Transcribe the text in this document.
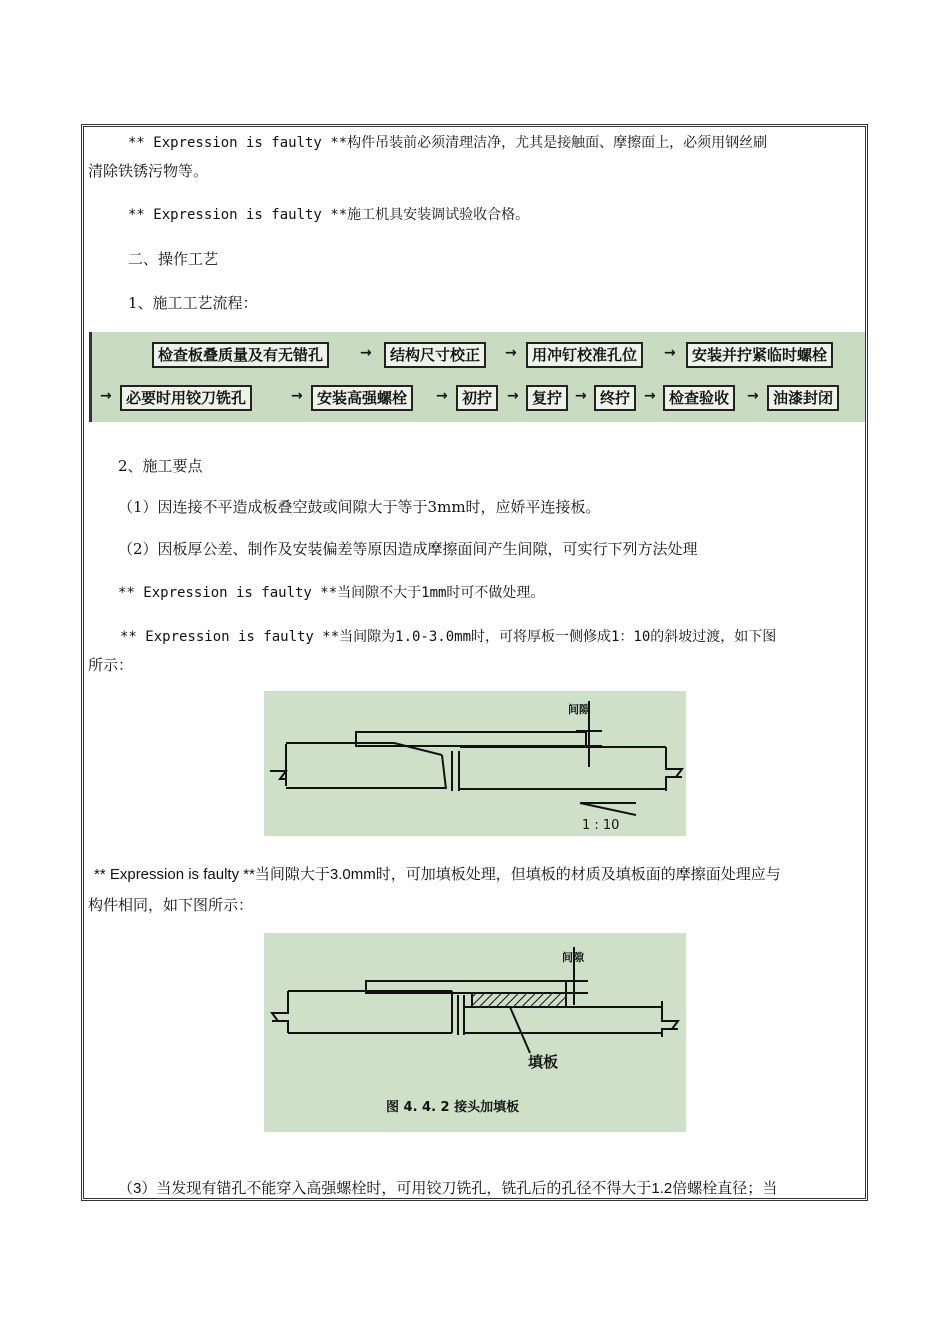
** Expression is faulty **构件吊装前必须清理洁净，尤其是接触面、摩擦面上，必须用钢丝刷
清除铁锈污物等。
** Expression is faulty **施工机具安装调试验收合格。
二、操作工艺
1、施工工艺流程：
检查板叠质量及有无错孔	→	结构尺寸校正	→	用冲钉校准孔位	→	安装并拧紧临时螺栓
→ 必要时用铰刀铣孔	→ 安装高强螺栓	→ 初拧	→ 复拧 → 终拧 → 检查验收	→ 油漆封闭
2、施工要点
（1）因连接不平造成板叠空鼓或间隙大于等于3mm时，应娇平连接板。
（2）因板厚公差、制作及安装偏差等原因造成摩擦面间产生间隙，可实行下列方法处理
** Expression is faulty **当间隙不大于1mm时可不做处理。
** Expression is faulty **当间隙为1.0-3.0mm时，可将厚板一侧修成1：10的斜坡过渡，如下图
所示：
间隙
1 : 10
** Expression is faulty **当间隙大于3.0mm时，可加填板处理，但填板的材质及填板面的摩擦面处理应与
构件相同，如下图所示：
间隙
填板
图 4. 4. 2 接头加填板
（3）当发现有错孔不能穿入高强螺栓时，可用铰刀铣孔，铣孔后的孔径不得大于1.2倍螺栓直径；当
